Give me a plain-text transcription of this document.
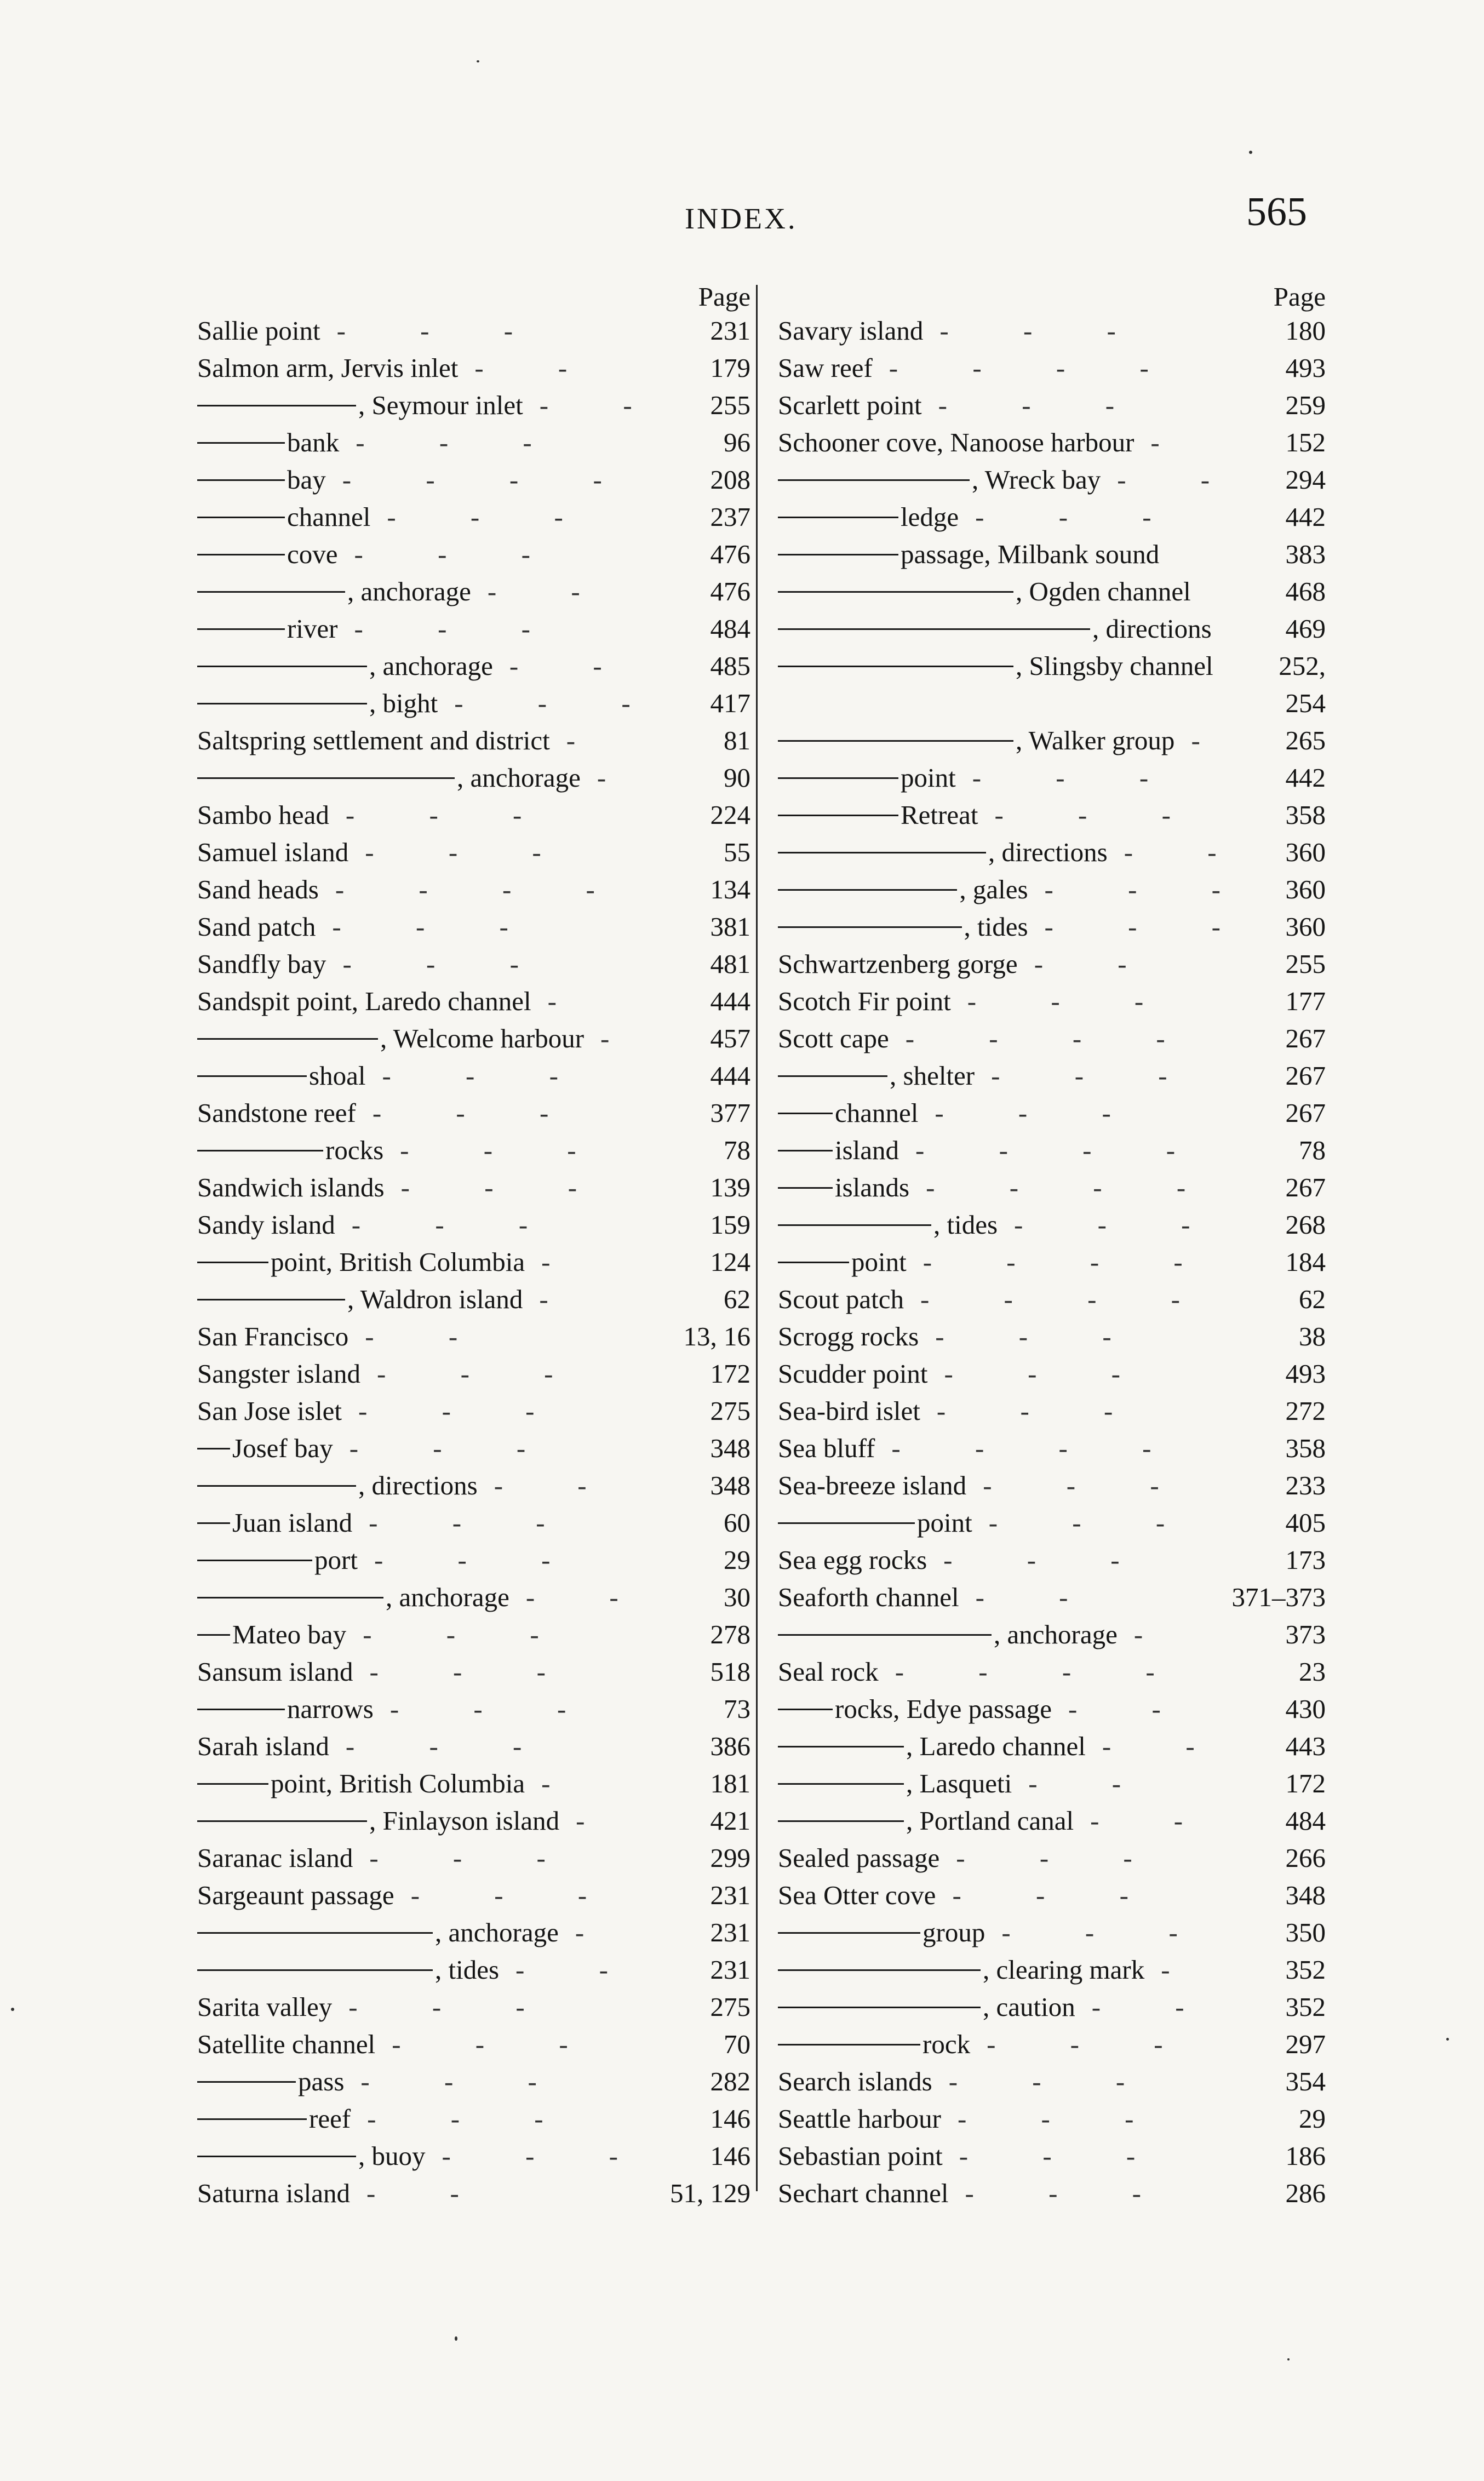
INDEX.	565
Page
Sallie point - - -	231
Salmon arm, Jervis inlet - -	179
, Seymour inlet - -	255
bank - - -	96
bay - - - -	208
channel - - -	237
cove - - -	476
, anchorage - -	476
river - - -	484
, anchorage - -	485
, bight - - -	417
Saltspring settlement and district -	81
, anchorage -	90
Sambo head - - -	224
Samuel island - - -	55
Sand heads - - - -	134
Sand patch - - -	381
Sandfly bay - - -	481
Sandspit point, Laredo channel -	444
, Welcome harbour -	457
shoal - - -	444
Sandstone reef - - -	377
rocks - - -	78
Sandwich islands - - -	139
Sandy island - - -	159
point, British Columbia -	124
, Waldron island -	62
San Francisco - -	13, 16
Sangster island - - -	172
San Jose islet - - -	275
Josef bay - - -	348
, directions - -	348
Juan island - - -	60
port - - -	29
, anchorage - -	30
Mateo bay - - -	278
Sansum island - - -	518
narrows - - -	73
Sarah island - - -	386
point, British Columbia -	181
, Finlayson island -	421
Saranac island - - -	299
Sargeaunt passage - - -	231
, anchorage -	231
, tides - -	231
Sarita valley - - -	275
Satellite channel - - -	70
pass - - -	282
reef - - -	146
, buoy - - -	146
Saturna island - -	51, 129
Page
Savary island - - -	180
Saw reef - - - -	493
Scarlett point - - -	259
Schooner cove, Nanoose harbour -	152
, Wreck bay - -	294
ledge - - -	442
passage, Milbank sound	383
, Ogden channel	468
, directions	469
, Slingsby channel	252,
254
, Walker group -	265
point - - -	442
Retreat - - -	358
, directions - -	360
, gales - - -	360
, tides - - -	360
Schwartzenberg gorge - -	255
Scotch Fir point - - -	177
Scott cape - - - -	267
, shelter - - -	267
channel - - -	267
island - - - -	78
islands - - - -	267
, tides - - -	268
point - - - -	184
Scout patch - - - -	62
Scrogg rocks - - -	38
Scudder point - - -	493
Sea-bird islet - - -	272
Sea bluff - - - -	358
Sea-breeze island - - -	233
point - - -	405
Sea egg rocks - - -	173
Seaforth channel - -	371–373
, anchorage -	373
Seal rock - - - -	23
rocks, Edye passage - -	430
, Laredo channel - -	443
, Lasqueti - -	172
, Portland canal - -	484
Sealed passage - - -	266
Sea Otter cove - - -	348
group - - -	350
, clearing mark -	352
, caution - -	352
rock - - -	297
Search islands - - -	354
Seattle harbour - - -	29
Sebastian point - - -	186
Sechart channel - - -	286
